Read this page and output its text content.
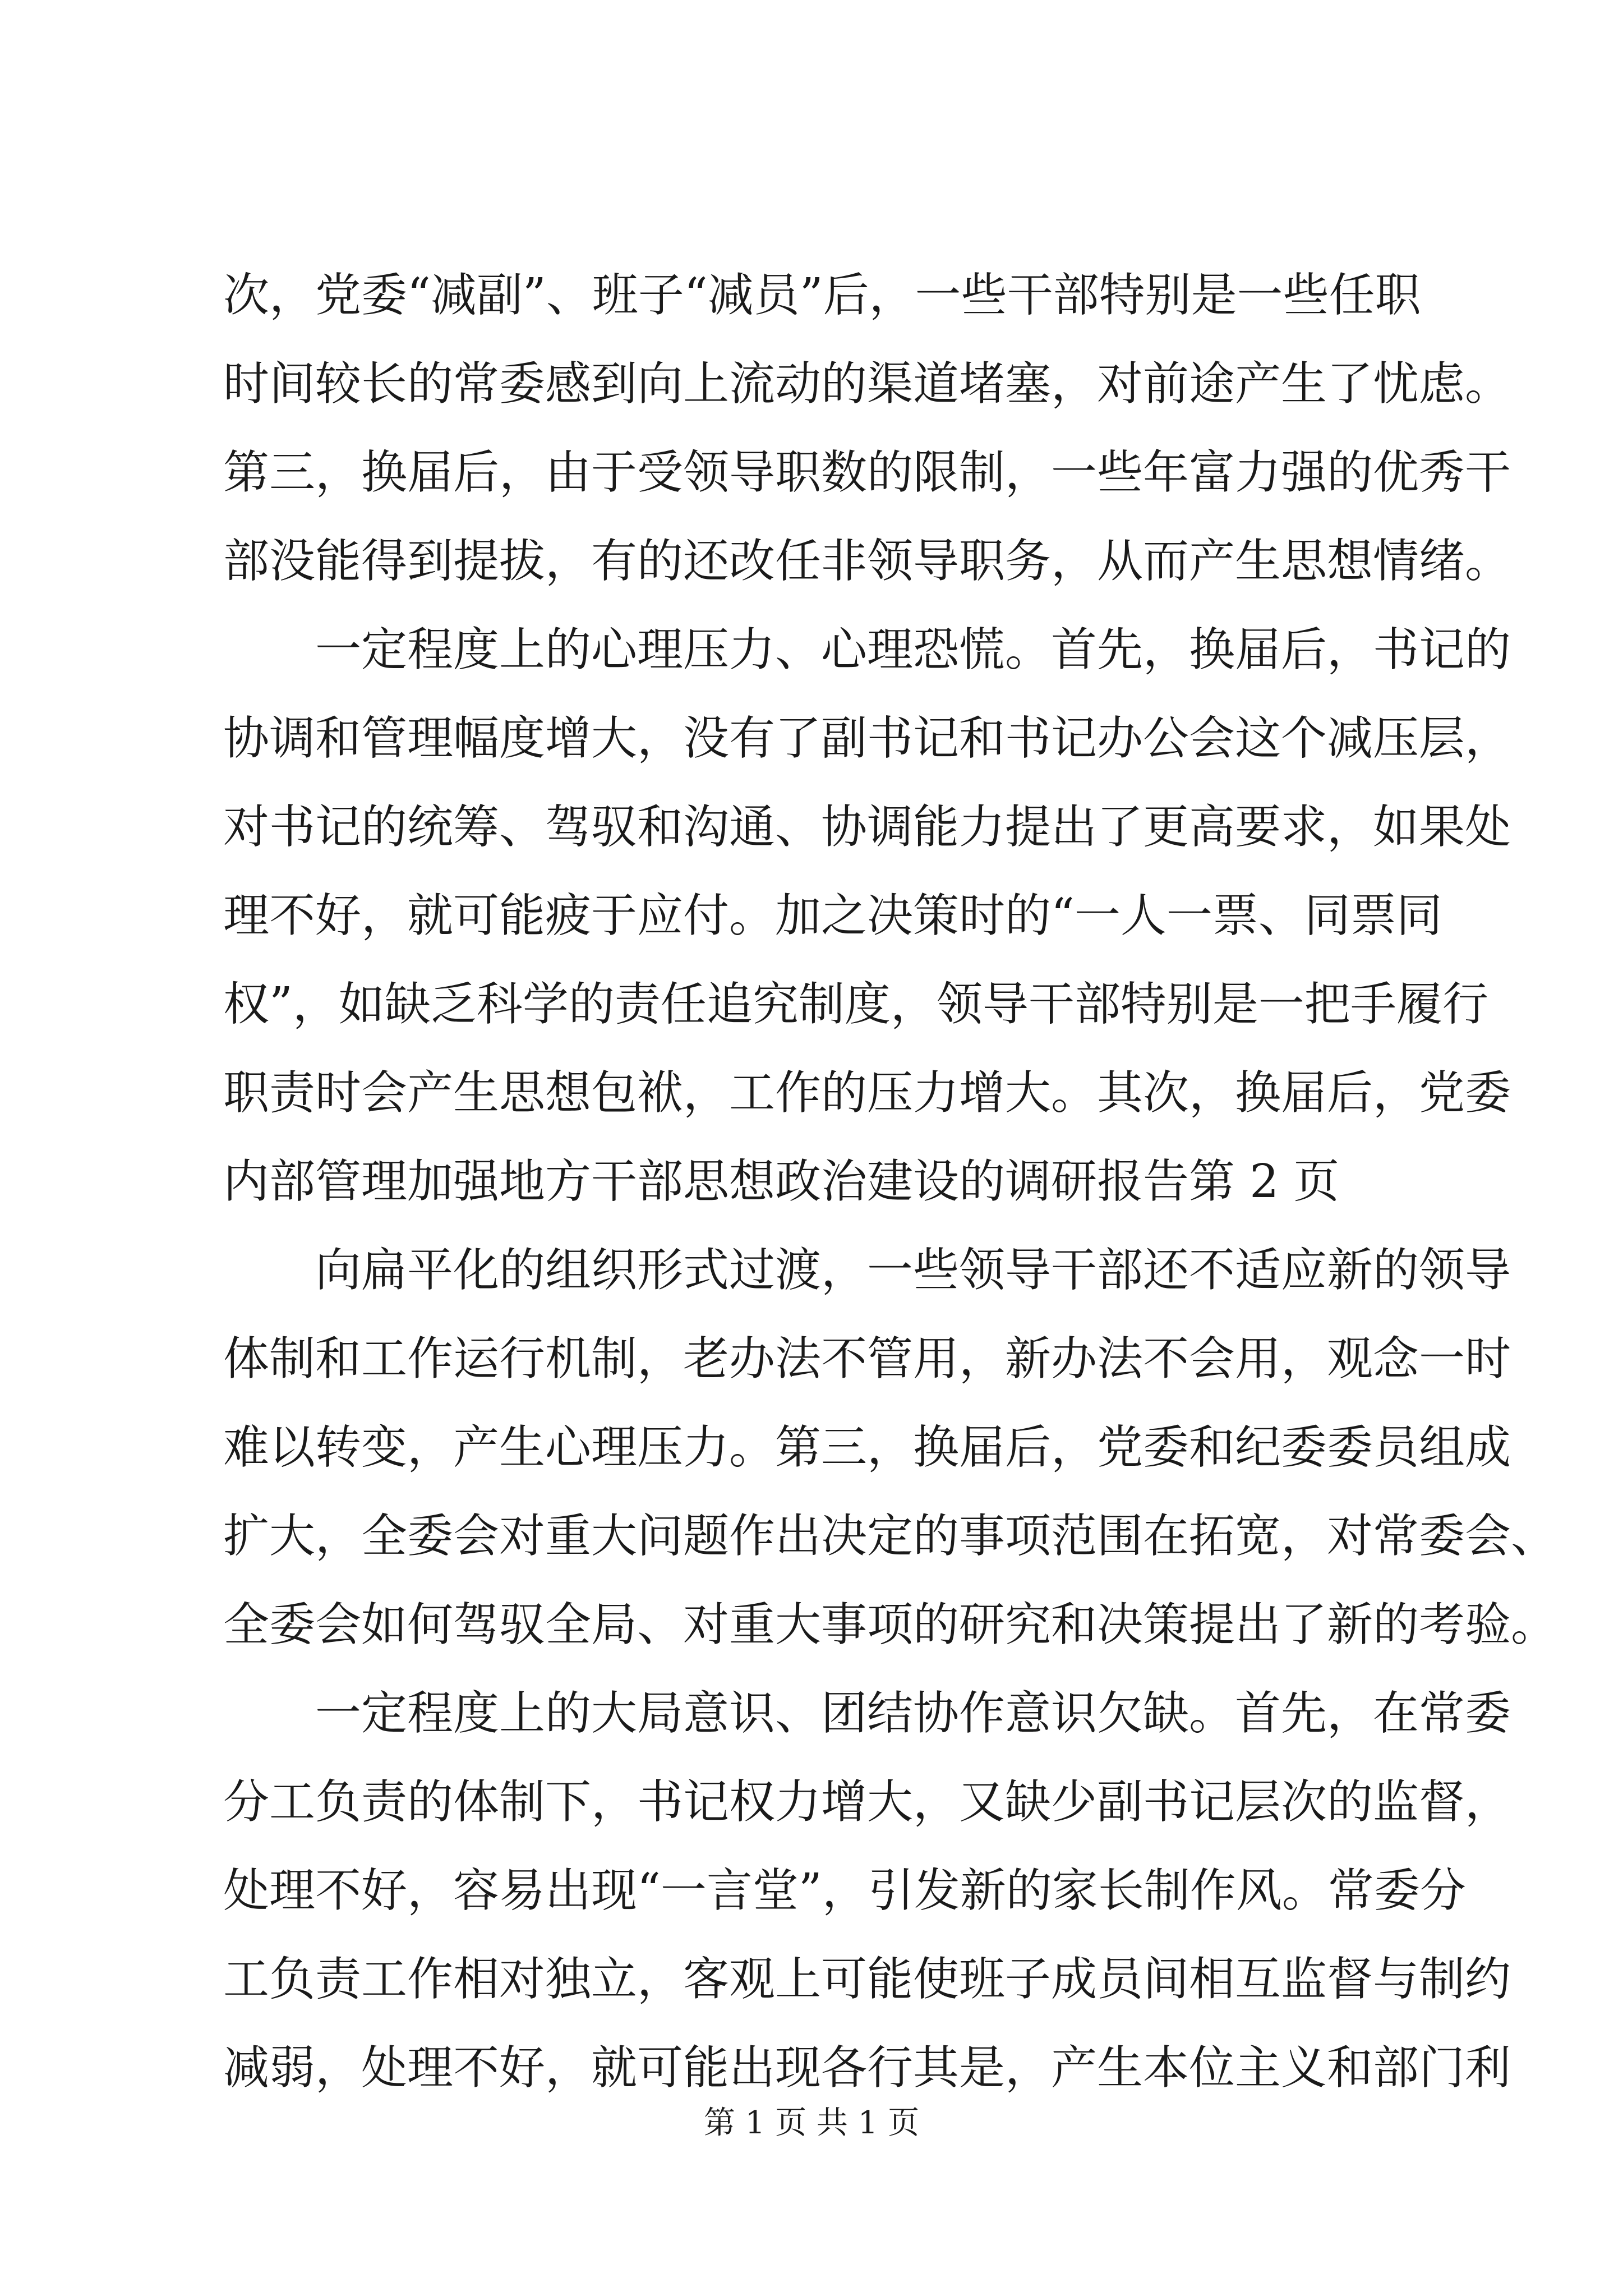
次，党委“减副”、班子“减员”后，一些干部特别是一些任职
时间较长的常委感到向上流动的渠道堵塞，对前途产生了忧虑。
第三，换届后，由于受领导职数的限制，一些年富力强的优秀干
部没能得到提拔，有的还改任非领导职务，从而产生思想情绪。
一定程度上的心理压力、心理恐慌。首先，换届后，书记的
协调和管理幅度增大，没有了副书记和书记办公会这个减压层，
对书记的统筹、驾驭和沟通、协调能力提出了更高要求，如果处
理不好，就可能疲于应付。加之决策时的“一人一票、同票同
权”，如缺乏科学的责任追究制度，领导干部特别是一把手履行
职责时会产生思想包袱，工作的压力增大。其次，换届后，党委
内部管理加强地方干部思想政治建设的调研报告第 2 页
向扁平化的组织形式过渡，一些领导干部还不适应新的领导
体制和工作运行机制，老办法不管用，新办法不会用，观念一时
难以转变，产生心理压力。第三，换届后，党委和纪委委员组成
扩大，全委会对重大问题作出决定的事项范围在拓宽，对常委会、
全委会如何驾驭全局、对重大事项的研究和决策提出了新的考验。
一定程度上的大局意识、团结协作意识欠缺。首先，在常委
分工负责的体制下，书记权力增大，又缺少副书记层次的监督，
处理不好，容易出现“一言堂”，引发新的家长制作风。常委分
工负责工作相对独立，客观上可能使班子成员间相互监督与制约
减弱，处理不好，就可能出现各行其是，产生本位主义和部门利
第 1 页 共 1 页
